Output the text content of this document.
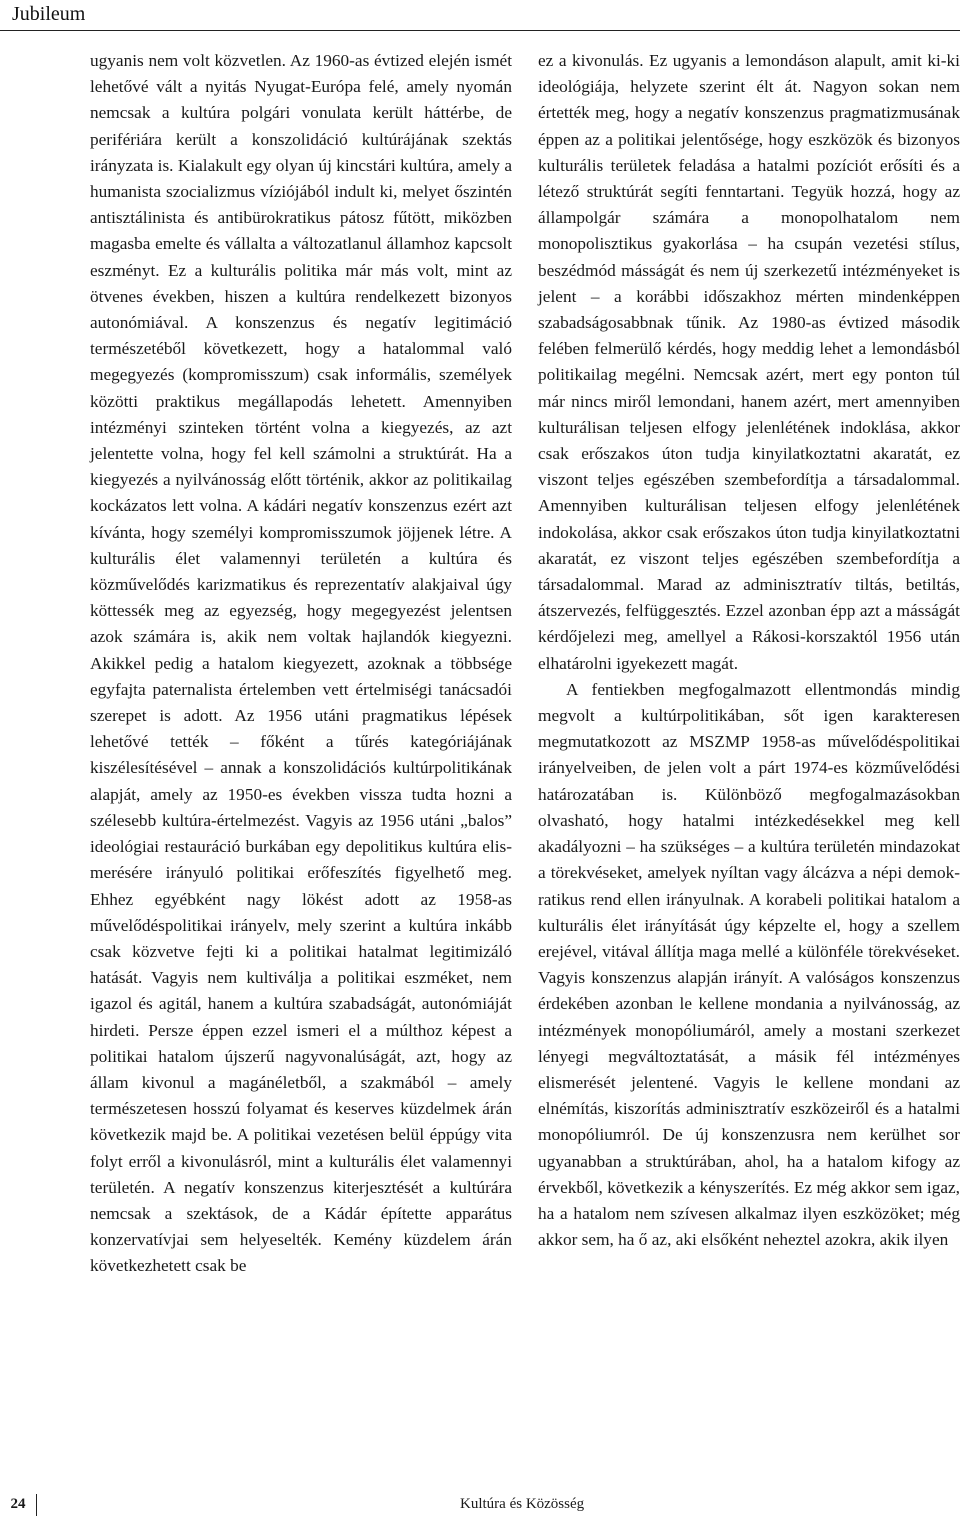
Jubileum

ugyanis nem volt közvetlen. Az 1960-as évtized elején ismét lehetővé vált a nyitás Nyugat-Európa felé, amely nyomán nemcsak a kultúra polgári vonulata került háttérbe, de perifériára került a konszolidáció kultúrájának szektás irányzata is. Kialakult egy olyan új kincstári kultúra, amely a humanista szocializmus víziójából indult ki, melyet őszintén antisztálinista és antibürokratikus pátosz fűtött, miközben magasba emelte és vállalta a változatlanul államhoz kapcsolt eszményt. Ez a kulturális politika már más volt, mint az ötvenes években, hiszen a kultúra rendelkezett bizonyos autonómiával. A konszenzus és negatív legitimáció természetéből következett, hogy a hatalommal való megegyezés (kompromisszum) csak informális, személyek közötti praktikus megállapodás lehetett. Amennyiben intézményi szinteken történt volna a kiegyezés, az azt jelentette volna, hogy fel kell számolni a struktúrát. Ha a kiegyezés a nyilvánosság előtt történik, akkor az politikailag kockázatos lett volna. A kádári negatív konszenzus ezért azt kívánta, hogy személyi kompromisszumok jöjjenek létre. A kulturális élet valamennyi területén a kultúra és közművelődés karizmatikus és reprezentatív alakjaival úgy köttessék meg az egyezség, hogy megegyezést jelentsen azok számára is, akik nem voltak hajlandók kiegyezni. Akikkel pedig a hatalom kiegyezett, azoknak a többsége egyfajta paternalista értelemben vett értelmiségi tanácsadói szerepet is adott. Az 1956 utáni pragmatikus lépések lehetővé tették – főként a tűrés kategóriájának kiszélesítésével – annak a konszolidációs kultúrpolitikának alapját, amely az 1950-es években vissza tudta hozni a szélesebb kultúra-értelmezést. Vagyis az 1956 utáni „balos” ideológiai restauráció burkában egy depolitikus kultúra elismerésére irányuló politikai erőfeszítés figyelhető meg. Ehhez egyébként nagy lökést adott az 1958-as művelődéspolitikai irányelv, mely szerint a kultúra inkább csak közvetve fejti ki a politikai hatalmat legitimizáló hatását. Vagyis nem kultiválja a politikai eszméket, nem igazol és agitál, hanem a kultúra szabadságát, autonómiáját hirdeti. Persze éppen ezzel ismeri el a múlthoz képest a politikai hatalom újszerű nagyvonalúságát, azt, hogy az állam kivonul a magánéletből, a szakmából – amely természetesen hosszú folyamat és keserves küzdelmek árán következik majd be. A politikai vezetésen belül éppúgy vita folyt erről a kivonulásról, mint a kulturális élet valamennyi területén. A negatív konszenzus kiterjesztését a kultúrára nemcsak a szektások, de a Kádár építette apparátus konzervatívjai sem helyeselték. Kemény küzdelem árán következhetett csak be

ez a kivonulás. Ez ugyanis a lemondáson alapult, amit ki-ki ideológiája, helyzete szerint élt át. Nagyon sokan nem értették meg, hogy a negatív konszenzus pragmatizmusának éppen az a politikai jelentősége, hogy eszközök és bizonyos kulturális területek feladása a hatalmi pozíciót erősíti és a létező struktúrát segíti fenntartani. Tegyük hozzá, hogy az állampolgár számára a monopolhatalom nem monopolisztikus gyakorlása – ha csupán vezetési stílus, beszédmód másságát és nem új szerkezetű intézményeket is jelent – a korábbi időszakhoz mérten mindenképpen szabadságosabbnak tűnik. Az 1980-as évtized második felében felmerülő kérdés, hogy meddig lehet a lemondásból politikailag megélni. Nemcsak azért, mert egy ponton túl már nincs miről lemondani, hanem azért, mert amennyiben kulturálisan teljesen elfogy jelenlétének indoklása, akkor csak erőszakos úton tudja kinyilatkoztatni akaratát, ez viszont teljes egészében szembefordítja a társadalommal. Amennyiben kulturálisan teljesen elfogy jelenlétének indokolása, akkor csak erőszakos úton tudja kinyilatkoztatni akaratát, ez viszont teljes egészében szembefordítja a társadalommal. Marad az adminisztratív tiltás, betiltás, átszervezés, felfüggesztés. Ezzel azonban épp azt a másságát kérdőjelezi meg, amellyel a Rákosi-korszaktól 1956 után elhatárolni igyekezett magát.

A fentiekben megfogalmazott ellentmondás mindig megvolt a kultúrpolitikában, sőt igen karakteresen megmutatkozott az MSZMP 1958-as művelődéspolitikai irányelveiben, de jelen volt a párt 1974-es közművelődési határozatában is. Különböző megfogalmazásokban olvasható, hogy hatalmi intézkedésekkel meg kell akadályozni – ha szükséges – a kultúra területén mindazokat a törekvéseket, amelyek nyíltan vagy álcázva a népi demokratikus rend ellen irányulnak. A korabeli politikai hatalom a kulturális élet irányítását úgy képzelte el, hogy a szellem erejével, vitával állítja maga mellé a különféle törekvéseket. Vagyis konszenzus alapján irányít. A valóságos konszenzus érdekében azonban le kellene mondania a nyilvánosság, az intézmények monopóliumáról, amely a mostani szerkezet lényegi megváltoztatását, a másik fél intézményes elismerését jelentené. Vagyis le kellene mondani az elnémítás, kiszorítás adminisztratív eszközeiről és a hatalmi monopóliumról. De új konszenzusra nem kerülhet sor ugyanabban a struktúrában, ahol, ha a hatalom kifogy az érvekből, következik a kényszerítés. Ez még akkor sem igaz, ha a hatalom nem szívesen alkalmaz ilyen eszközöket; még akkor sem, ha ő az, aki elsőként neheztel azokra, akik ilyen

24	Kultúra és Közösség
